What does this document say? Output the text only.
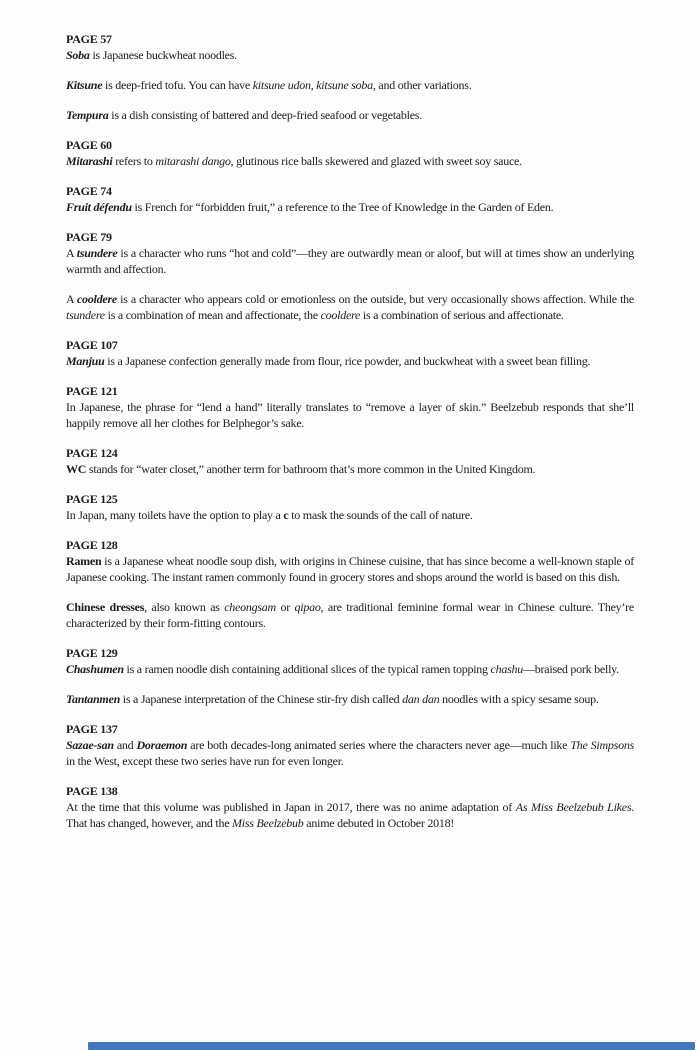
PAGE 57

Soba is Japanese buckwheat noodles.

Kitsune is deep-fried tofu. You can have kitsune udon, kitsune soba, and other variations.

Tempura is a dish consisting of battered and deep-fried seafood or vegetables.

PAGE 60

Mitarashi refers to mitarashi dango, glutinous rice balls skewered and glazed with sweet soy sauce.

PAGE 74

Fruit défendu is French for “forbidden fruit,” a reference to the Tree of Knowledge in the Garden of Eden.

PAGE 79

A tsundere is a character who runs “hot and cold”—they are outwardly mean or aloof, but will at times show an underlying warmth and affection.

A cooldere is a character who appears cold or emotionless on the outside, but very occasionally shows affection. While the tsundere is a combination of mean and affectionate, the cooldere is a combination of serious and affectionate.

PAGE 107

Manjuu is a Japanese confection generally made from flour, rice powder, and buckwheat with a sweet bean filling.

PAGE 121

In Japanese, the phrase for “lend a hand” literally translates to “remove a layer of skin.” Beelzebub responds that she’ll happily remove all her clothes for Belphegor’s sake.

PAGE 124

WC stands for “water closet,” another term for bathroom that’s more common in the United Kingdom.

PAGE 125

In Japan, many toilets have the option to play a c to mask the sounds of the call of nature.

PAGE 128

Ramen is a Japanese wheat noodle soup dish, with origins in Chinese cuisine, that has since become a well-known staple of Japanese cooking. The instant ramen commonly found in grocery stores and shops around the world is based on this dish.

Chinese dresses, also known as cheongsam or qipao, are traditional feminine formal wear in Chinese culture. They’re characterized by their form-fitting contours.

PAGE 129

Chashumen is a ramen noodle dish containing additional slices of the typical ramen topping chashu—braised pork belly.

Tantanmen is a Japanese interpretation of the Chinese stir-fry dish called dan dan noodles with a spicy sesame soup.

PAGE 137

Sazae-san and Doraemon are both decades-long animated series where the characters never age—much like The Simpsons in the West, except these two series have run for even longer.

PAGE 138

At the time that this volume was published in Japan in 2017, there was no anime adaptation of As Miss Beelzebub Likes. That has changed, however, and the Miss Beelzebub anime debuted in October 2018!
